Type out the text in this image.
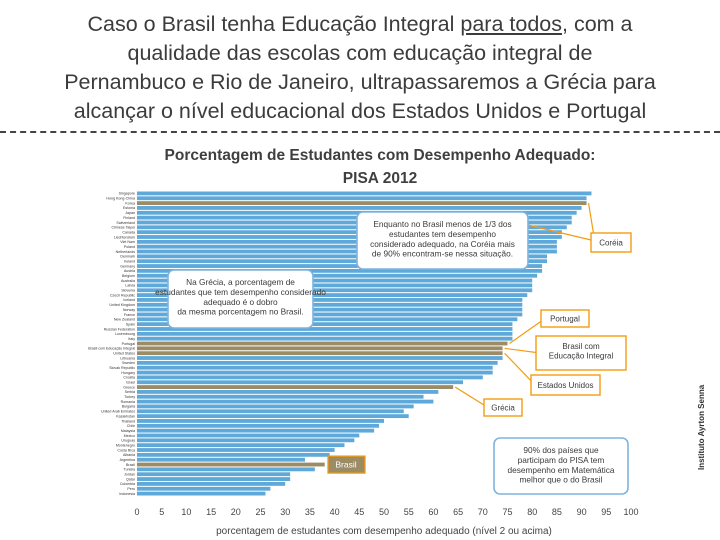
Caso o Brasil tenha Educação Integral para todos, com a
qualidade das escolas com educação integral de
Pernambuco e Rio de Janeiro, ultrapassaremos a Grécia para
alcançar o nível educacional dos Estados Unidos e Portugal
Porcentagem de Estudantes com Desempenho Adequado:
PISA 2012
Singapore
Hong Kong-China
Korea
Estonia
Japan
Finland
Switzerland
Chinese Taipei
Canada
Liechtenstein
Viet Nam
Poland
Netherlands
Denmark
Ireland
Germany
Austria
Belgium
Australia
Latvia
Slovenia
Czech Republic
Iceland
United Kingdom
Norway
France
New Zealand
Spain
Russian Federation
Luxembourg
Italy
Portugal
Brasil com Educação Integral
United States
Lithuania
Sweden
Slovak Republic
Hungary
Croatia
Israel
Greece
Serbia
Turkey
Romania
Bulgaria
United Arab Emirates
Kazakhstan
Thailand
Chile
Malaysia
Mexico
Uruguay
Montenegro
Costa Rica
Albania
Argentina
Brazil
Tunisia
Jordan
Qatar
Colombia
Peru
Indonesia
0 5 10 15 20 25 30 35 40 45 50 55 60 65 70 75 80 85 90 95 100
porcentagem de estudantes com desempenho adequado (nível 2 ou acima)
Coréia
Portugal
Brasil com
Educação Integral
Estados Unidos
Grécia
Brasil
Enquanto no Brasil menos de 1/3 dos
estudantes tem desempenho
considerado adequado, na Coréia mais
de 90% encontram-se nessa situação.
Na Grécia, a porcentagem de
estudantes que tem desempenho considerado
adequado é o dobro
da mesma porcentagem no Brasil.
90% dos países que
participam do PISA tem
desempenho em Matemática
melhor que o do Brasil
Instituto Ayrton Senna
